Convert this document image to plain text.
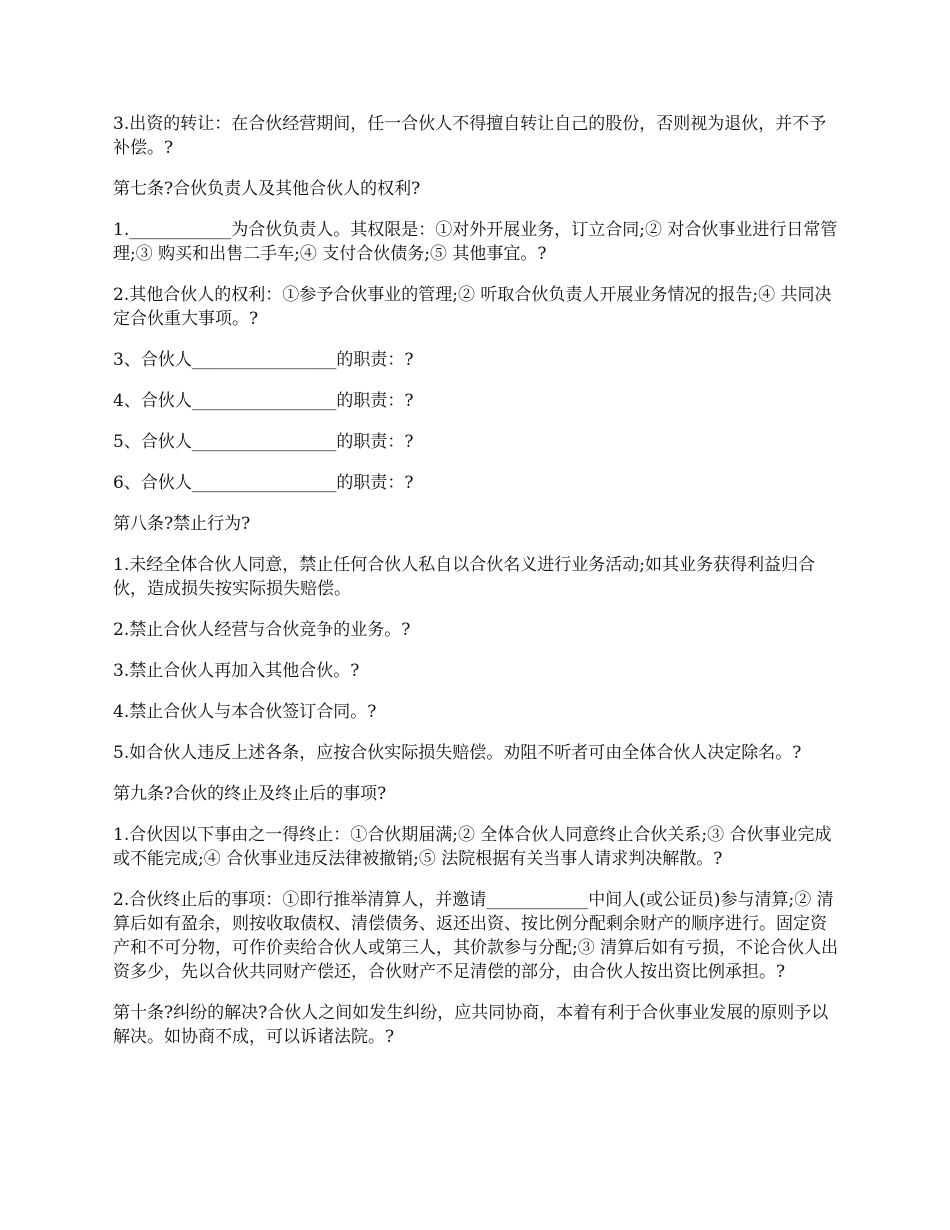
3.出资的转让：在合伙经营期间，任一合伙人不得擅自转让自己的股份，否则视为退伙，并不予补偿。?

第七条?合伙负责人及其他合伙人的权利?

1.____________为合伙负责人。其权限是：①对外开展业务，订立合同;② 对合伙事业进行日常管理;③ 购买和出售二手车;④ 支付合伙债务;⑤ 其他事宜。?

2.其他合伙人的权利：①参予合伙事业的管理;② 听取合伙负责人开展业务情况的报告;④ 共同决定合伙重大事项。?

3、合伙人_________________的职责：?

4、合伙人_________________的职责：?

5、合伙人_________________的职责：?

6、合伙人_________________的职责：?

第八条?禁止行为?

1.未经全体合伙人同意，禁止任何合伙人私自以合伙名义进行业务活动;如其业务获得利益归合伙，造成损失按实际损失赔偿。

2.禁止合伙人经营与合伙竞争的业务。?

3.禁止合伙人再加入其他合伙。?

4.禁止合伙人与本合伙签订合同。?

5.如合伙人违反上述各条，应按合伙实际损失赔偿。劝阻不听者可由全体合伙人决定除名。?

第九条?合伙的终止及终止后的事项?

1.合伙因以下事由之一得终止：①合伙期届满;② 全体合伙人同意终止合伙关系;③ 合伙事业完成或不能完成;④ 合伙事业违反法律被撤销;⑤ 法院根据有关当事人请求判决解散。?

2.合伙终止后的事项：①即行推举清算人，并邀请____________中间人(或公证员)参与清算;② 清算后如有盈余，则按收取债权、清偿债务、返还出资、按比例分配剩余财产的顺序进行。固定资产和不可分物，可作价卖给合伙人或第三人，其价款参与分配;③ 清算后如有亏损，不论合伙人出资多少，先以合伙共同财产偿还，合伙财产不足清偿的部分，由合伙人按出资比例承担。?

第十条?纠纷的解决?合伙人之间如发生纠纷，应共同协商，本着有利于合伙事业发展的原则予以解决。如协商不成，可以诉诸法院。?
